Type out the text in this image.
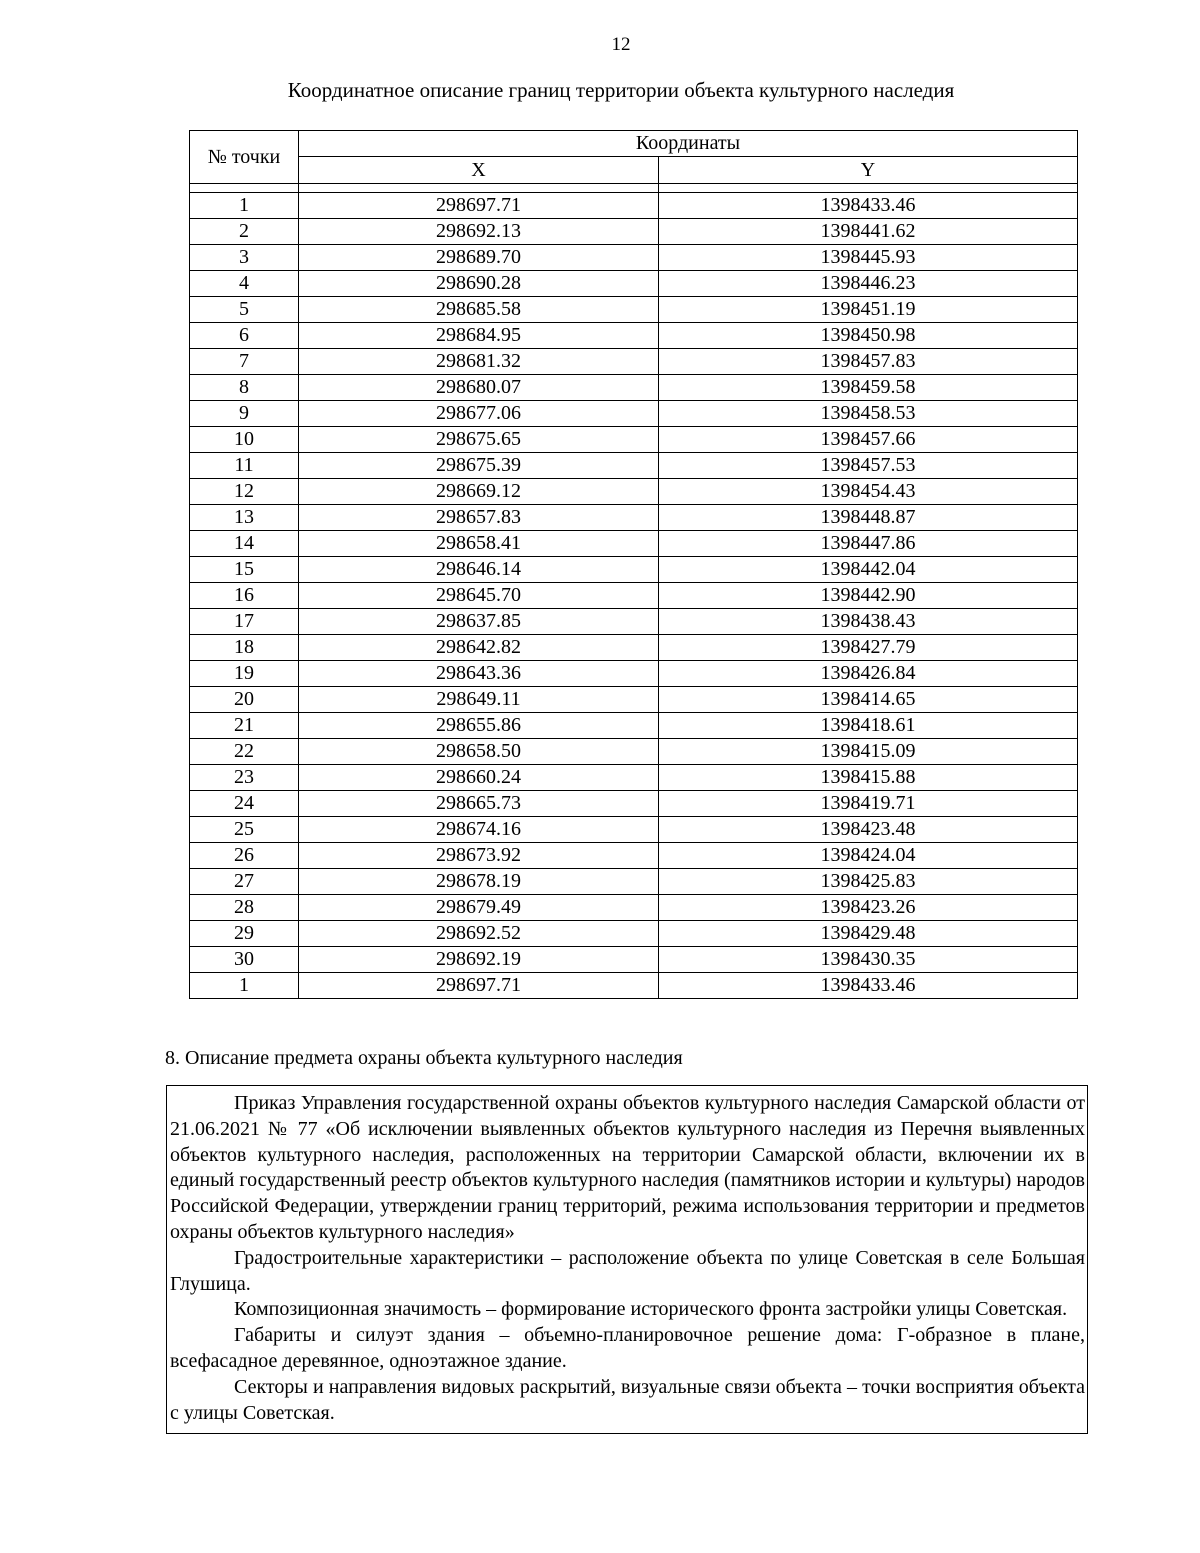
12
Координатное описание границ территории объекта культурного наследия
№ точки	Координаты	
	X	Y

1	298697.71	1398433.46
2	298692.13	1398441.62
3	298689.70	1398445.93
4	298690.28	1398446.23
5	298685.58	1398451.19
6	298684.95	1398450.98
7	298681.32	1398457.83
8	298680.07	1398459.58
9	298677.06	1398458.53
10	298675.65	1398457.66
11	298675.39	1398457.53
12	298669.12	1398454.43
13	298657.83	1398448.87
14	298658.41	1398447.86
15	298646.14	1398442.04
16	298645.70	1398442.90
17	298637.85	1398438.43
18	298642.82	1398427.79
19	298643.36	1398426.84
20	298649.11	1398414.65
21	298655.86	1398418.61
22	298658.50	1398415.09
23	298660.24	1398415.88
24	298665.73	1398419.71
25	298674.16	1398423.48
26	298673.92	1398424.04
27	298678.19	1398425.83
28	298679.49	1398423.26
29	298692.52	1398429.48
30	298692.19	1398430.35
1	298697.71	1398433.46
8. Описание предмета охраны объекта культурного наследия

Приказ Управления государственной охраны объектов культурного наследия Самарской области от 21.06.2021 № 77 «Об исключении выявленных объектов культурного наследия из Перечня выявленных объектов культурного наследия, расположенных на территории Самарской области, включении их в единый государственный реестр объектов культурного наследия (памятников истории и культуры) народов Российской Федерации, утверждении границ территорий, режима использования территории и предметов охраны объектов культурного наследия»

Градостроительные характеристики – расположение объекта по улице Советская в селе Большая Глушица.

Композиционная значимость – формирование исторического фронта застройки улицы Советская.

Габариты и силуэт здания – объемно-планировочное решение дома: Г-образное в плане, всефасадное деревянное, одноэтажное здание.

Секторы и направления видовых раскрытий, визуальные связи объекта – точки восприятия объекта с улицы Советская.
